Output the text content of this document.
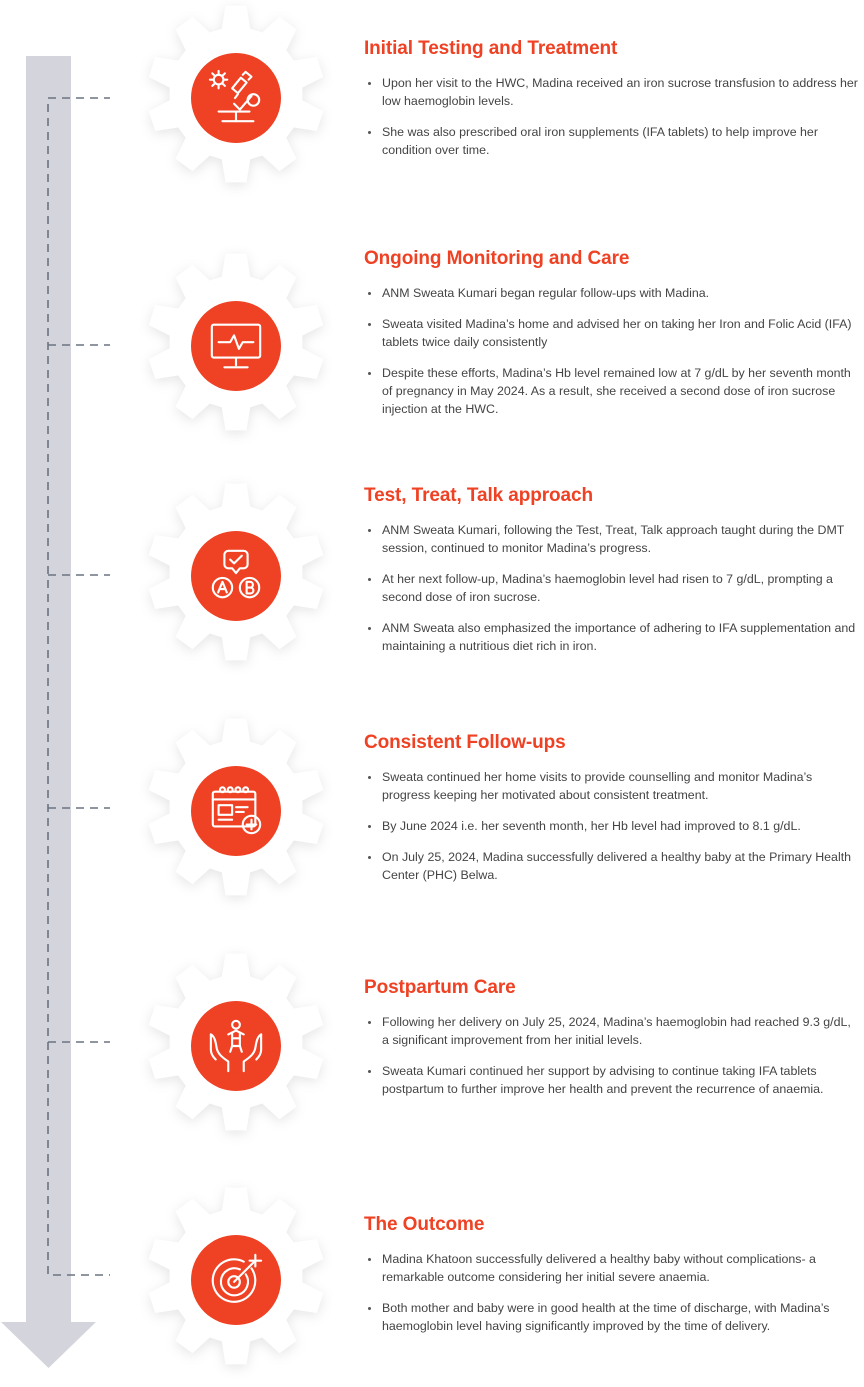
Initial Testing and Treatment
Upon her visit to the HWC, Madina received an iron sucrose transfusion to address her low haemoglobin levels.
She was also prescribed oral iron supplements (IFA tablets) to help improve her condition over time.
Ongoing Monitoring and Care
ANM Sweata Kumari began regular follow-ups with Madina.
Sweata visited Madina’s home and advised her on taking her Iron and Folic Acid (IFA) tablets twice daily consistently
Despite these efforts, Madina’s Hb level remained low at 7 g/dL by her seventh month of pregnancy in May 2024. As a result, she received a second dose of iron sucrose injection at the HWC.
Test, Treat, Talk approach
ANM Sweata Kumari, following the Test, Treat, Talk approach taught during the DMT session, continued to monitor Madina’s progress.
At her next follow-up, Madina’s haemoglobin level had risen to 7 g/dL, prompting a second dose of iron sucrose.
ANM Sweata also emphasized the importance of adhering to IFA supplementation and maintaining a nutritious diet rich in iron.
Consistent Follow-ups
Sweata continued her home visits to provide counselling and monitor Madina’s progress keeping her motivated about consistent treatment.
By June 2024 i.e. her seventh month, her Hb level had improved to 8.1 g/dL.
On July 25, 2024, Madina successfully delivered a healthy baby at the Primary Health Center (PHC) Belwa.
Postpartum Care
Following her delivery on July 25, 2024, Madina’s haemoglobin had reached 9.3 g/dL, a significant improvement from her initial levels.
Sweata Kumari continued her support by advising to continue taking IFA tablets postpartum to further improve her health and prevent the recurrence of anaemia.
The Outcome
Madina Khatoon successfully delivered a healthy baby without complications- a remarkable outcome considering her initial severe anaemia.
Both mother and baby were in good health at the time of discharge, with Madina’s haemoglobin level having significantly improved by the time of delivery.
